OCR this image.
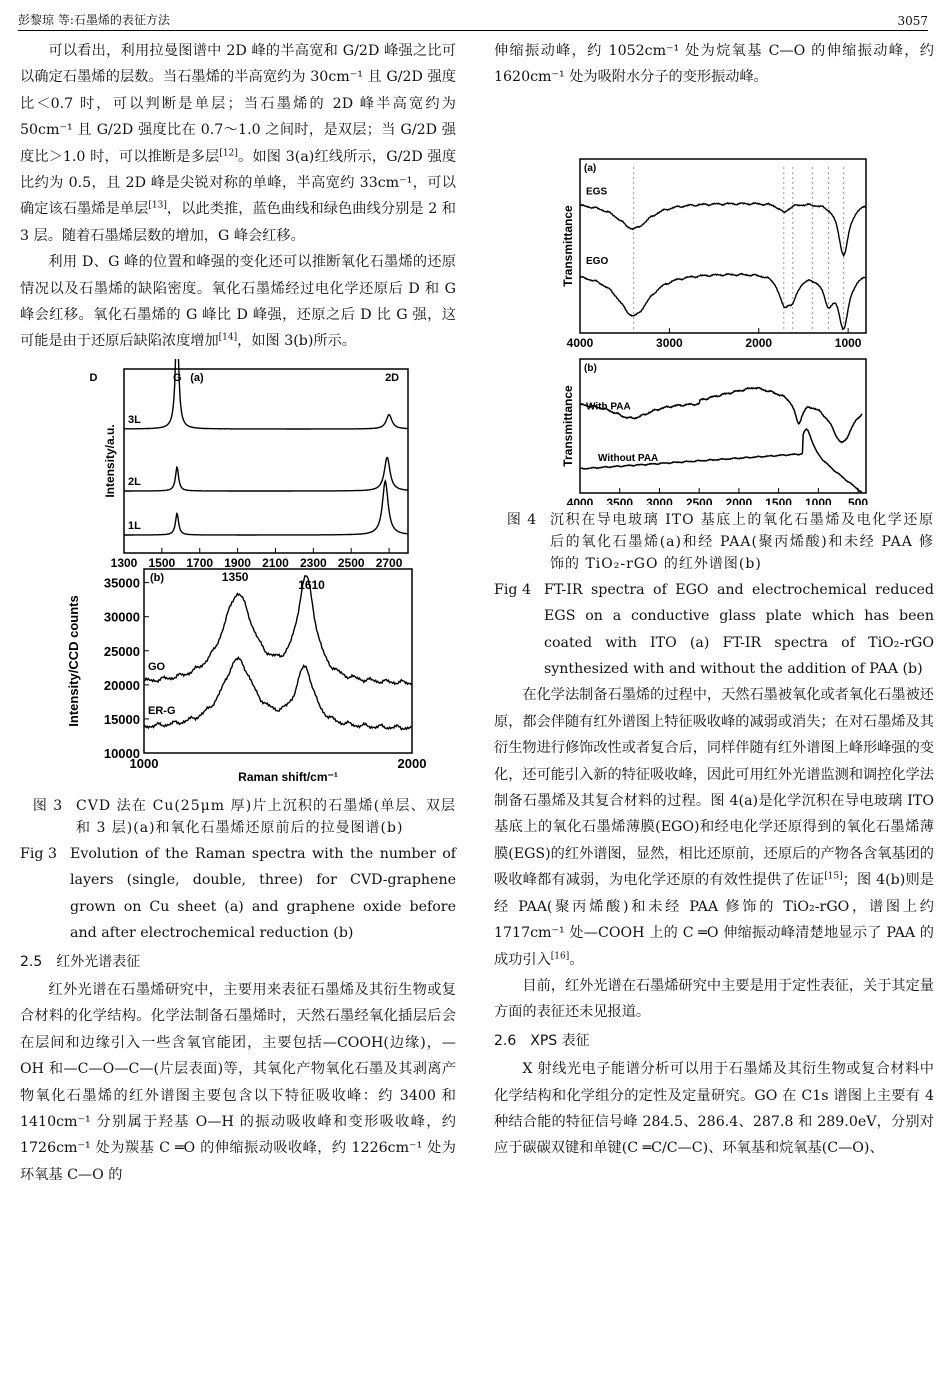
彭黎琼 等:石墨烯的表征方法	3057

可以看出，利用拉曼图谱中 2D 峰的半高宽和 G/2D 峰强之比可以确定石墨烯的层数。当石墨烯的半高宽约为 30cm⁻¹ 且 G/2D 强度比＜0.7 时，可以判断是单层；当石墨烯的 2D 峰半高宽约为 50cm⁻¹ 且 G/2D 强度比在 0.7～1.0 之间时，是双层；当 G/2D 强度比＞1.0 时，可以推断是多层[12]。如图 3(a)红线所示，G/2D 强度比约为 0.5，且 2D 峰是尖锐对称的单峰，半高宽约 33cm⁻¹，可以确定该石墨烯是单层[13]，以此类推，蓝色曲线和绿色曲线分别是 2 和 3 层。随着石墨烯层数的增加，G 峰会红移。

利用 D、G 峰的位置和峰强的变化还可以推断氧化石墨烯的还原情况以及石墨烯的缺陷密度。氧化石墨烯经过电化学还原后 D 和 G 峰会红移。氧化石墨烯的 G 峰比 D 峰强，还原之后 D 比 G 强，这可能是由于还原后缺陷浓度增加[14]，如图 3(b)所示。

3L
2L
1L
D	G	2D
(a)
1300 1500 1700 1900 2100 2300 2500 2700
Intensity/a.u.
GO
ER-G
(b)	1350
1610
10000
15000
20000
25000
30000
35000
1000	2000
Raman shift/cm⁻¹
Intensity/CCD counts
图 3 CVD 法在 Cu(25μm 厚)片上沉积的石墨烯(单层、双层和 3 层)(a)和氧化石墨烯还原前后的拉曼图谱(b)
Fig 3 Evolution of the Raman spectra with the number of layers (single, double, three) for CVD-graphene grown on Cu sheet (a) and graphene oxide before and after electrochemical reduction (b)
2.5　红外光谱表征

红外光谱在石墨烯研究中，主要用来表征石墨烯及其衍生物或复合材料的化学结构。化学法制备石墨烯时，天然石墨经氧化插层后会在层间和边缘引入一些含氧官能团，主要包括—COOH(边缘)，—OH 和—C—O—C—(片层表面)等，其氧化产物氧化石墨及其剥离产物氧化石墨烯的红外谱图主要包含以下特征吸收峰：约 3400 和 1410cm⁻¹ 分别属于羟基 O—H 的振动吸收峰和变形吸收峰，约 1726cm⁻¹ 处为羰基 C ═O 的伸缩振动吸收峰，约 1226cm⁻¹ 处为环氧基 C—O 的

伸缩振动峰，约 1052cm⁻¹ 处为烷氧基 C—O 的伸缩振动峰，约 1620cm⁻¹ 处为吸附水分子的变形振动峰。

EGS
EGO
(a)
4000	3000	2000	1000
Transmittance
With PAA
Without PAA
(b)
4000 3500 3000 2500 2000 1500 1000 500
Transmittance
图 4 沉积在导电玻璃 ITO 基底上的氧化石墨烯及电化学还原后的氧化石墨烯(a)和经 PAA(聚丙烯酸)和未经 PAA 修饰的 TiO₂-rGO 的红外谱图(b)
Fig 4 FT-IR spectra of EGO and electrochemical reduced EGS on a conductive glass plate which has been coated with ITO (a) FT-IR spectra of TiO₂-rGO synthesized with and without the addition of PAA (b)

在化学法制备石墨烯的过程中，天然石墨被氧化或者氧化石墨被还原，都会伴随有红外谱图上特征吸收峰的减弱或消失；在对石墨烯及其衍生物进行修饰改性或者复合后，同样伴随有红外谱图上峰形峰强的变化，还可能引入新的特征吸收峰，因此可用红外光谱监测和调控化学法制备石墨烯及其复合材料的过程。图 4(a)是化学沉积在导电玻璃 ITO 基底上的氧化石墨烯薄膜(EGO)和经电化学还原得到的氧化石墨烯薄膜(EGS)的红外谱图，显然，相比还原前，还原后的产物各含氧基团的吸收峰都有减弱，为电化学还原的有效性提供了佐证[15]；图 4(b)则是经 PAA(聚丙烯酸)和未经 PAA 修饰的 TiO₂-rGO，谱图上约 1717cm⁻¹ 处—COOH 上的 C ═O 伸缩振动峰清楚地显示了 PAA 的成功引入[16]。

目前，红外光谱在石墨烯研究中主要是用于定性表征，关于其定量方面的表征还未见报道。

2.6　XPS 表征

X 射线光电子能谱分析可以用于石墨烯及其衍生物或复合材料中化学结构和化学组分的定性及定量研究。GO 在 C1s 谱图上主要有 4 种结合能的特征信号峰 284.5、286.4、287.8 和 289.0eV，分别对应于碳碳双键和单键(C ═C/C—C)、环氧基和烷氧基(C—O)、
